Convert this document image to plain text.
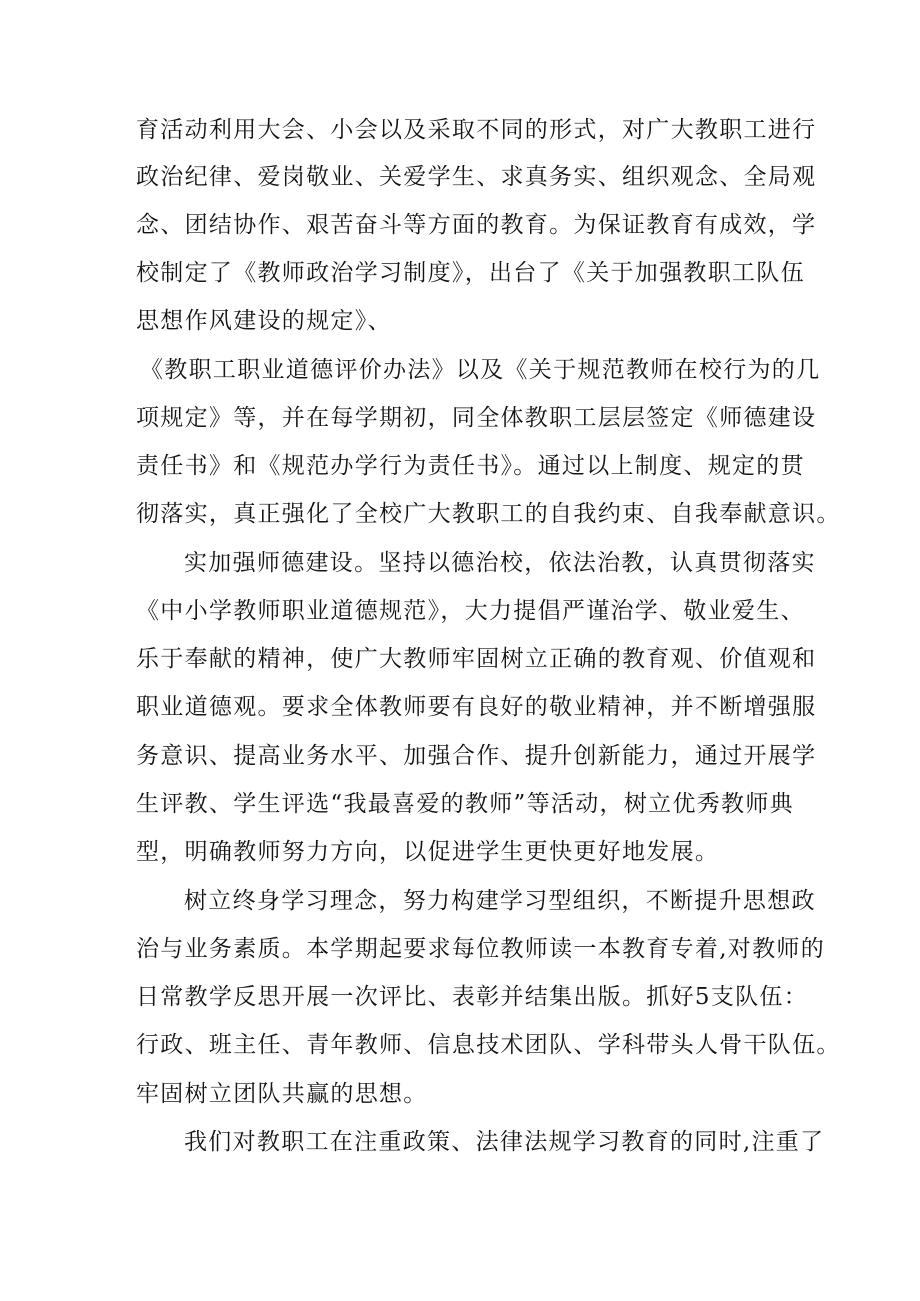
育活动利用大会、小会以及采取不同的形式，对广大教职工进行
政治纪律、爱岗敬业、关爱学生、求真务实、组织观念、全局观
念、团结协作、艰苦奋斗等方面的教育。为保证教育有成效，学
校制定了《教师政治学习制度》，出台了《关于加强教职工队伍
思想作风建设的规定》、
《教职工职业道德评价办法》以及《关于规范教师在校行为的几
项规定》等，并在每学期初，同全体教职工层层签定《师德建设
责任书》和《规范办学行为责任书》。通过以上制度、规定的贯
彻落实，真正强化了全校广大教职工的自我约束、自我奉献意识。
实加强师德建设。坚持以德治校，依法治教，认真贯彻落实
《中小学教师职业道德规范》，大力提倡严谨治学、敬业爱生、
乐于奉献的精神，使广大教师牢固树立正确的教育观、价值观和
职业道德观。要求全体教师要有良好的敬业精神，并不断增强服
务意识、提高业务水平、加强合作、提升创新能力，通过开展学
生评教、学生评选“我最喜爱的教师”等活动，树立优秀教师典
型，明确教师努力方向，以促进学生更快更好地发展。
树立终身学习理念，努力构建学习型组织，不断提升思想政
治与业务素质。本学期起要求每位教师读一本教育专着,对教师的
日常教学反思开展一次评比、表彰并结集出版。抓好5支队伍：
行政、班主任、青年教师、信息技术团队、学科带头人骨干队伍。
牢固树立团队共赢的思想。
我们对教职工在注重政策、法律法规学习教育的同时,注重了
